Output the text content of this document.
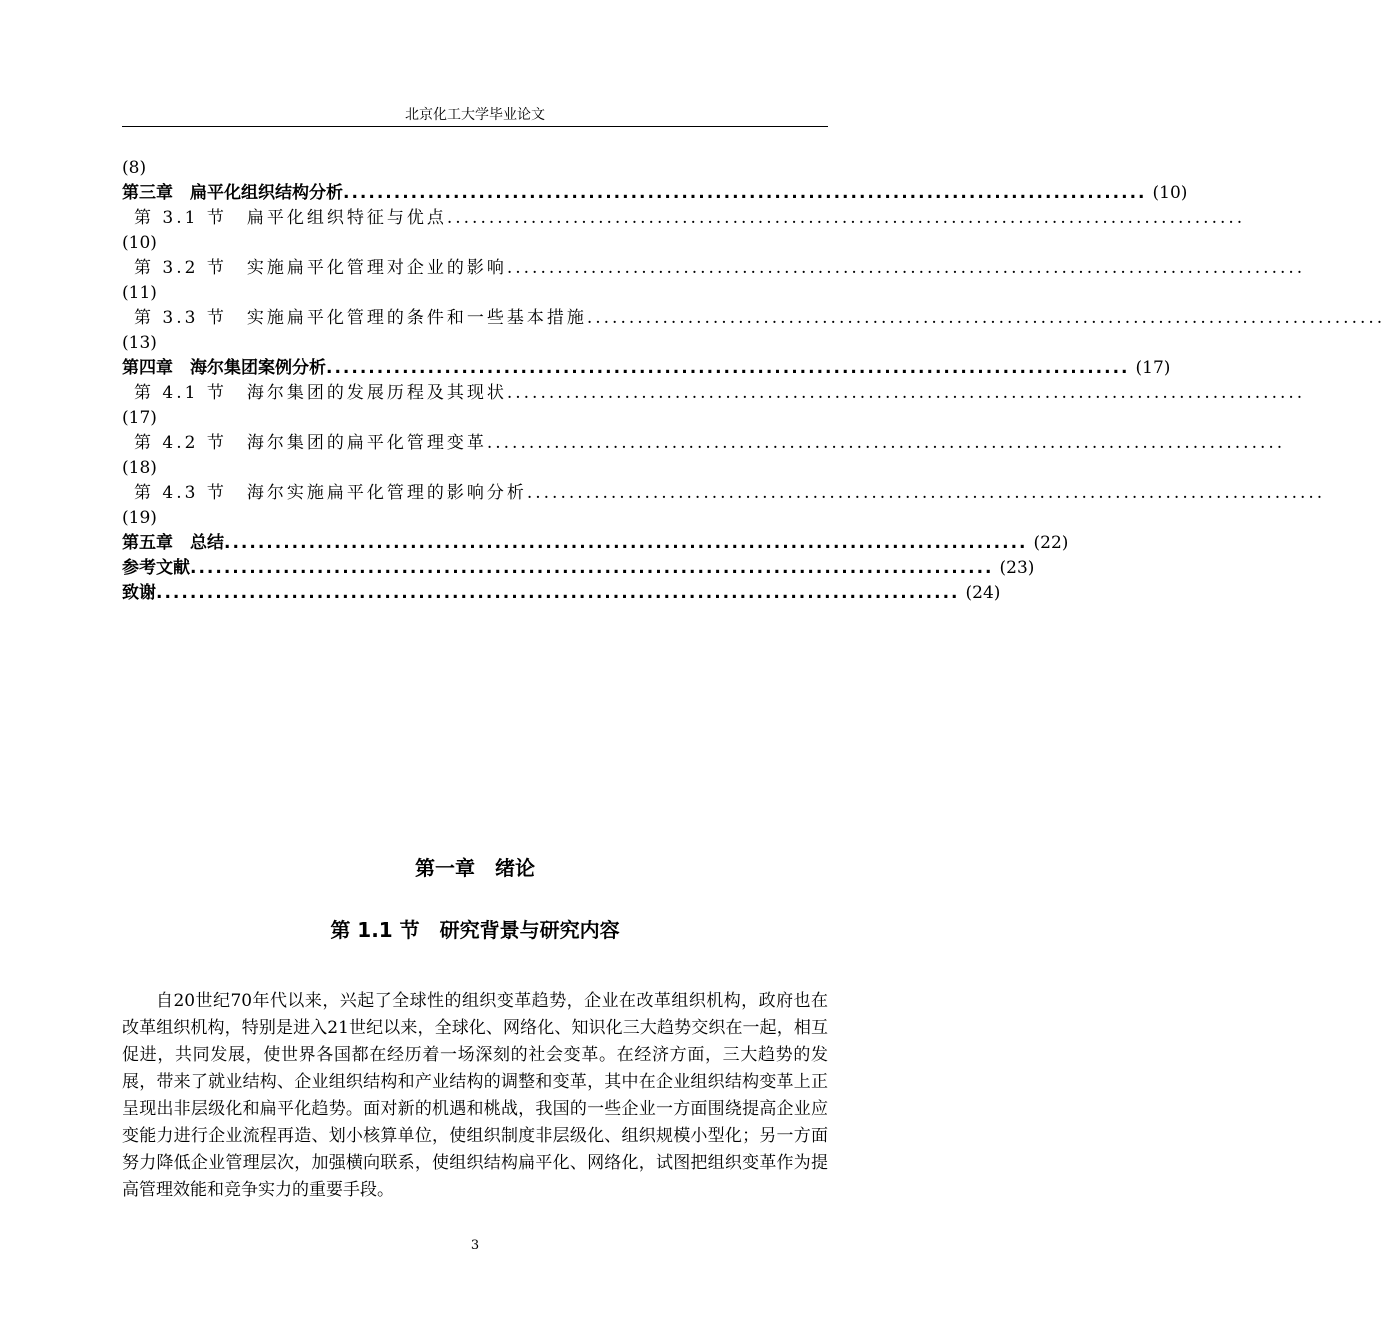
北京化工大学毕业论文
(8)
第三章　扁平化组织结构分析 ............................................................................................... (10)
第 3.1 节　扁平化组织特征与优点 ...............................................................................................
(10)
第 3.2 节　实施扁平化管理对企业的影响 ...............................................................................................
(11)
第 3.3 节　实施扁平化管理的条件和一些基本措施 ...............................................................................................
(13)
第四章　海尔集团案例分析 ............................................................................................... (17)
第 4.1 节　海尔集团的发展历程及其现状 ...............................................................................................
(17)
第 4.2 节　海尔集团的扁平化管理变革 ...............................................................................................
(18)
第 4.3 节　海尔实施扁平化管理的影响分析 ...............................................................................................
(19)
第五章　总结 ............................................................................................... (22)
参考文献 ............................................................................................... (23)
致谢 ............................................................................................... (24)
第一章　绪论
第 1.1 节　研究背景与研究内容
自20世纪70年代以来，兴起了全球性的组织变革趋势，企业在改革组织机构，政府也在改革组织机构，特别是进入21世纪以来，全球化、网络化、知识化三大趋势交织在一起，相互促进，共同发展，使世界各国都在经历着一场深刻的社会变革。在经济方面，三大趋势的发展，带来了就业结构、企业组织结构和产业结构的调整和变革，其中在企业组织结构变革上正呈现出非层级化和扁平化趋势。面对新的机遇和桃战，我国的一些企业一方面围绕提高企业应变能力进行企业流程再造、划小核算单位，使组织制度非层级化、组织规模小型化；另一方面努力降低企业管理层次，加强横向联系，使组织结构扁平化、网络化，试图把组织变革作为提高管理效能和竞争实力的重要手段。
3
